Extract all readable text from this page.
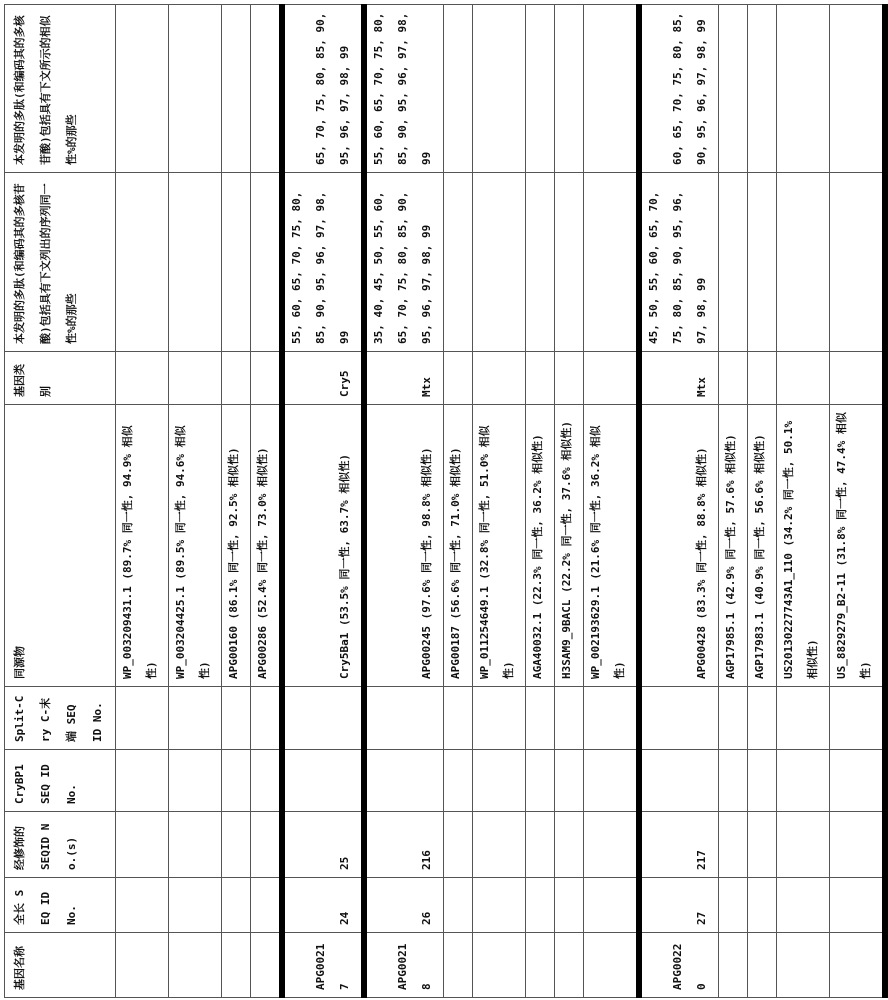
基因名称	全长 SEQ ID No.	经修饰的 SEQID No.(s)	CryBP1 SEQ ID No.	Split-Cry C-末端 SEQ ID No.	同源物	基因类别	本发明的多肽(和编码其的多核苷酸)包括具有下文列出的序列同一性%的那些	本发明的多肽(和编码其的多核苷酸)包括具有下文所示的相似性%的那些
					WP_003209431.1 (89.7% 同一性, 94.9% 相似性)								WP_003204425.1 (89.5% 同一性, 94.6% 相似性)								APG00160 (86.1% 同一性, 92.5% 相似性)								APG00286 (52.4% 同一性, 73.0% 相似性)			
APG00217	24	25			Cry5Ba1 (53.5% 同一性, 63.7% 相似性)	Cry5	55, 60, 65, 70, 75, 80, 85, 90, 95, 96, 97, 98, 99	65, 70, 75, 80, 85, 90, 95, 96, 97, 98, 99
APG00218	26	216			APG00245 (97.6% 同一性, 98.8% 相似性)	Mtx	35, 40, 45, 50, 55, 60, 65, 70, 75, 80, 85, 90, 95, 96, 97, 98, 99	55, 60, 65, 70, 75, 80, 85, 90, 95, 96, 97, 98, 99
					APG00187 (56.6% 同一性, 71.0% 相似性)								WP_011254649.1 (32.8% 同一性, 51.0% 相似性)								AGA40032.1 (22.3% 同一性, 36.2% 相似性)								H3SAM9_9BACL (22.2% 同一性, 37.6% 相似性)								WP_002193629.1 (21.6% 同一性, 36.2% 相似性)			
APG00220	27	217			APG00428 (83.3% 同一性, 88.8% 相似性)	Mtx	45, 50, 55, 60, 65, 70, 75, 80, 85, 90, 95, 96, 97, 98, 99	60, 65, 70, 75, 80, 85, 90, 95, 96, 97, 98, 99
					AGP17985.1 (42.9% 同一性, 57.6% 相似性)								AGP17983.1 (40.9% 同一性, 56.6% 相似性)								US20130227743A1_110 (34.2% 同一性, 50.1% 相似性)								US_8829279_B2-11 (31.8% 同一性, 47.4% 相似性)			
